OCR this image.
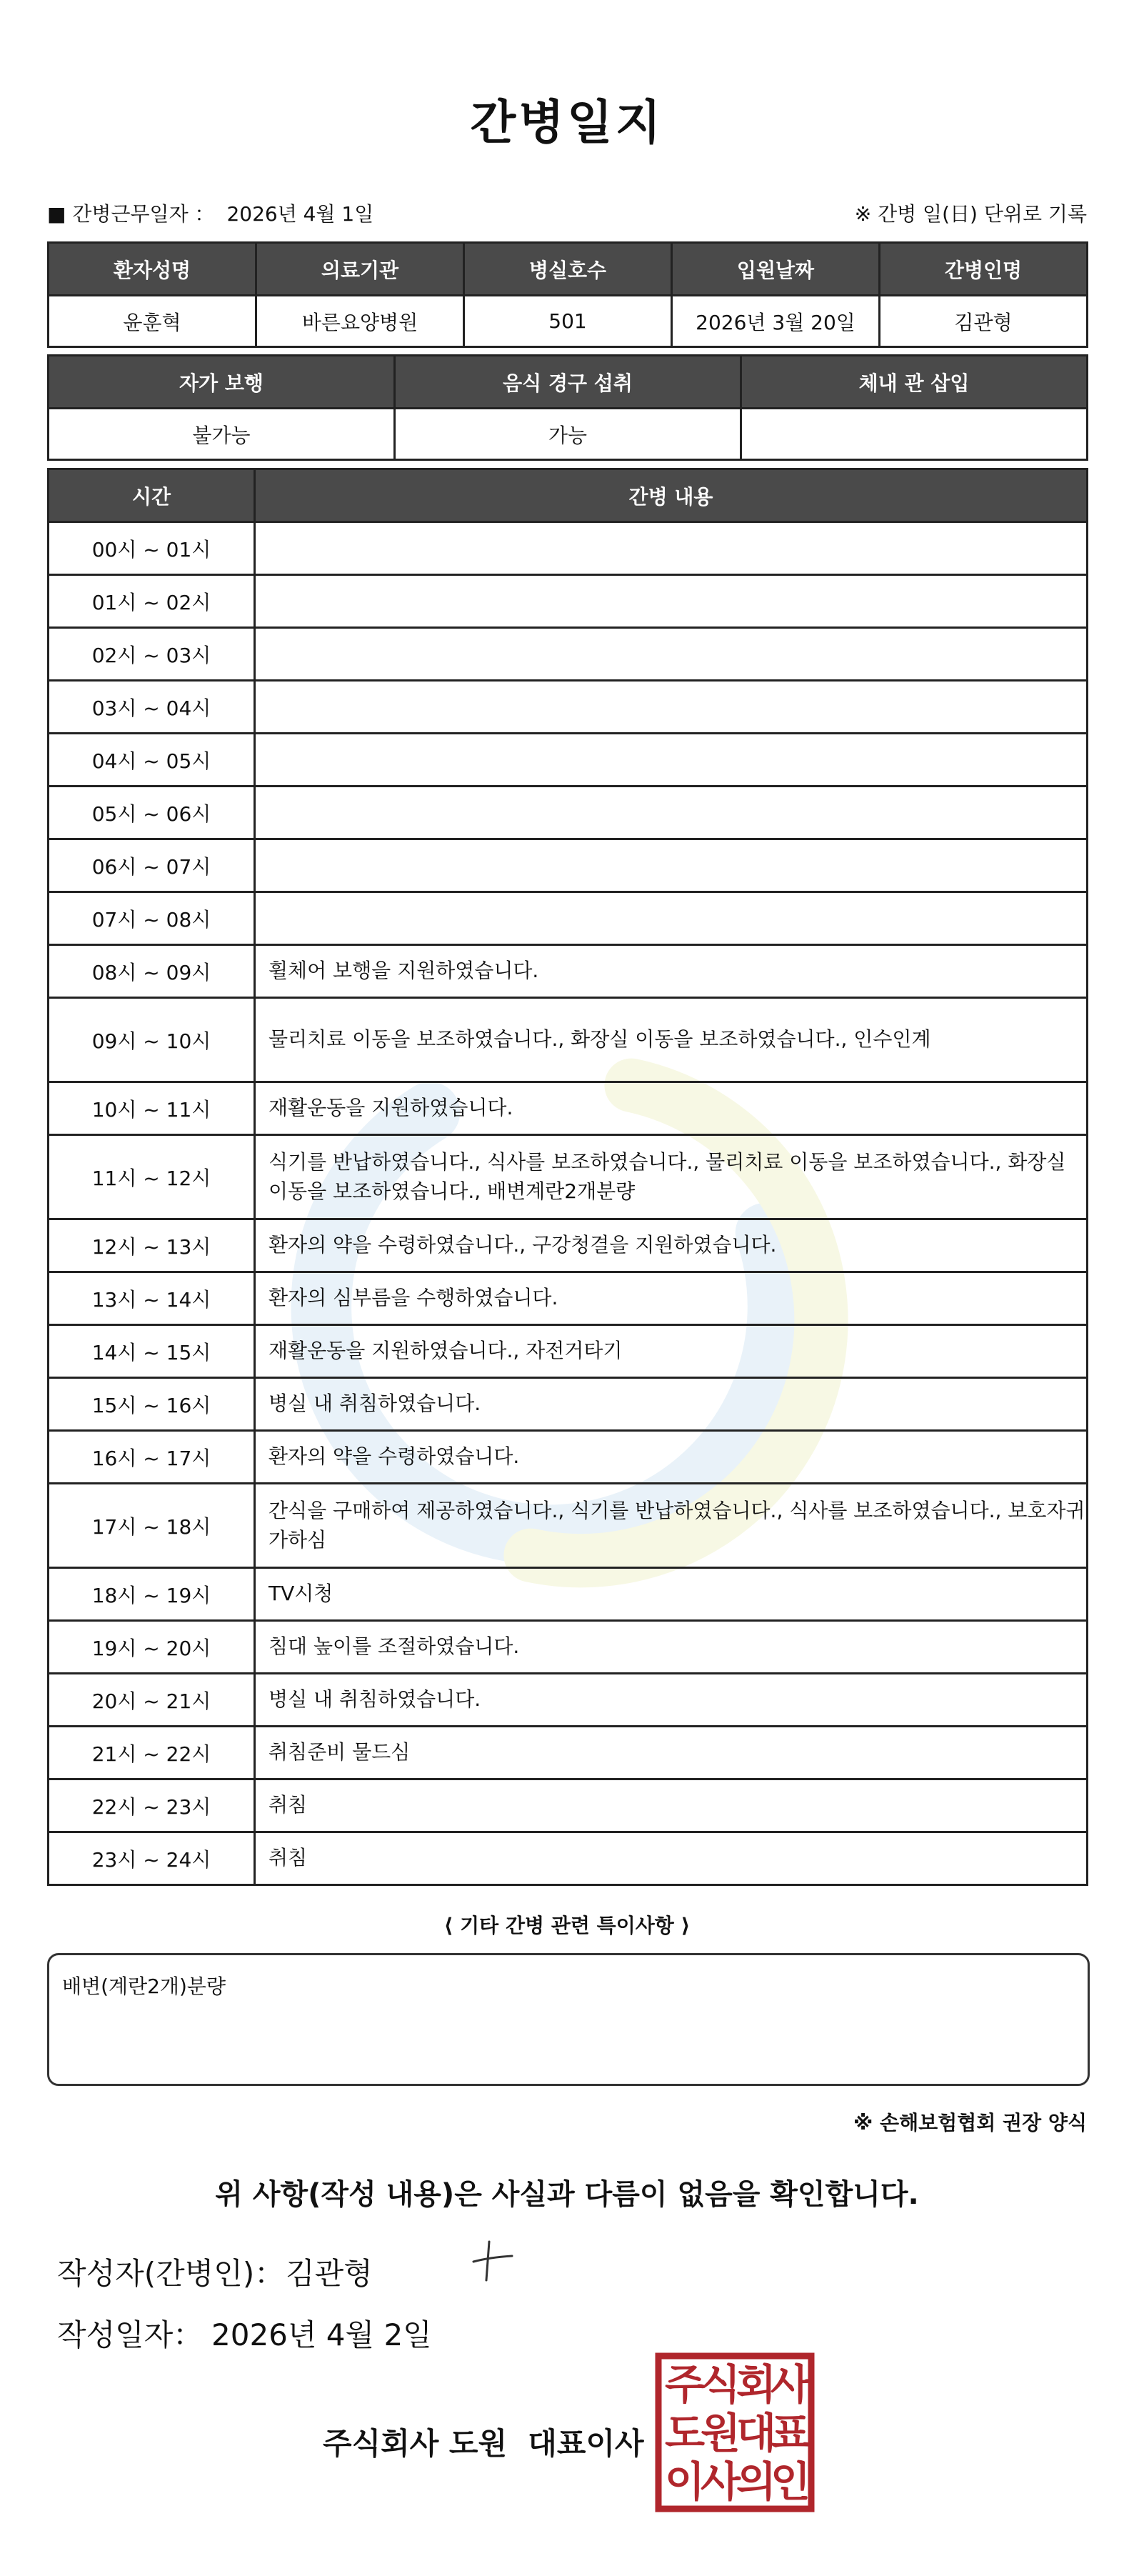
간병일지
■ 간병근무일자 ： 2026년 4월 1일	※ 간병 일(日) 단위로 기록
환자성명	의료기관	병실호수	입원날짜	간병인명
윤훈혁	바른요양병원	501	2026년 3월 20일	김관형
자가 보행	음식 경구 섭취	체내 관 삽입
불가능	가능	
시간	간병 내용
00시 ~ 01시	
01시 ~ 02시	
02시 ~ 03시	
03시 ~ 04시	
04시 ~ 05시	
05시 ~ 06시	
06시 ~ 07시	
07시 ~ 08시	
08시 ~ 09시	휠체어 보행을 지원하였습니다.
09시 ~ 10시	물리치료 이동을 보조하였습니다., 화장실 이동을 보조하였습니다., 인수인계
10시 ~ 11시	재활운동을 지원하였습니다.
11시 ~ 12시	식기를 반납하였습니다., 식사를 보조하였습니다., 물리치료 이동을 보조하였습니다., 화장실 이동을 보조하였습니다., 배변계란2개분량
12시 ~ 13시	환자의 약을 수령하였습니다., 구강청결을 지원하였습니다.
13시 ~ 14시	환자의 심부름을 수행하였습니다.
14시 ~ 15시	재활운동을 지원하였습니다., 자전거타기
15시 ~ 16시	병실 내 취침하였습니다.
16시 ~ 17시	환자의 약을 수령하였습니다.
17시 ~ 18시	간식을 구매하여 제공하였습니다., 식기를 반납하였습니다., 식사를 보조하였습니다., 보호자귀가하심
18시 ~ 19시	TV시청
19시 ~ 20시	침대 높이를 조절하였습니다.
20시 ~ 21시	병실 내 취침하였습니다.
21시 ~ 22시	취침준비 물드심
22시 ~ 23시	취침
23시 ~ 24시	취침
⟨ 기타 간병 관련 특이사항 ⟩
배변(계란2개)분량
※ 손해보험협회 권장 양식
위 사항(작성 내용)은 사실과 다름이 없음을 확인합니다.
작성자(간병인)： 김관형
작성일자： 2026년 4월 2일
주식회사 도원  대표이사
주
식
회
사
도
원
대
표
이
사
의
인
